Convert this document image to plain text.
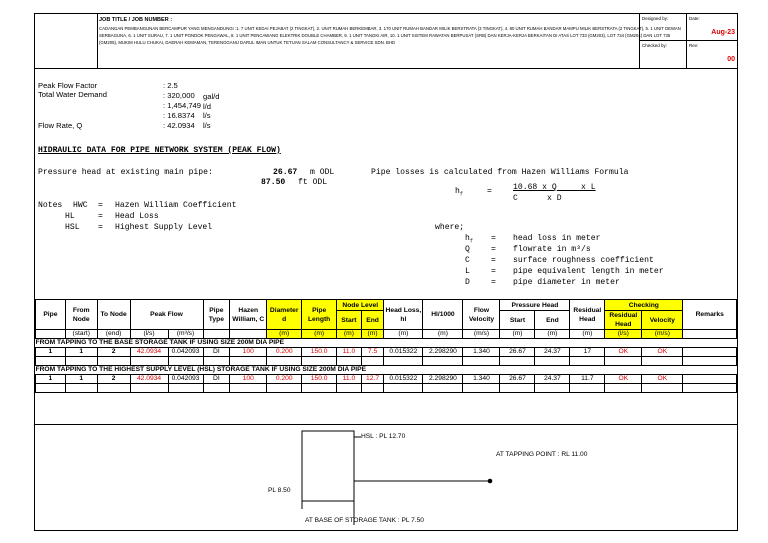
JOB TITLE / JOB NUMBER :
CADANGAN PEMBANGUNAN BERCAMPUR YANG MENGANDUNGI :1. 7 UNIT KEDAI PEJABAT (2 TINGKAT), 2. UNIT RUMAH BERKEMBAR, 3. 170 UNIT RUMAH BANDAR MILIK BERSTRATA (3 TINGKAT), 4. 80 UNIT RUMAH BANDAR MAMPU MILIK BERSTRATA (2 TINGKAT), 5. 1 UNIT DEWAN SERBAGUNA, 6. 1 UNIT SURAU, 7. 1 UNIT PONDOK PENGAWAL, 8. 1 UNIT PENCAWANG ELEKTRIK DOUBLE CHAMBER, 9. 1 UNIT TANGKI AIR, 10. 1 UNIT SISTEM RAWATAN BERPUSAT (SRB) DAN KERJA-KERJA BERKAITAN DI ATAS LOT 733 (GM203), LOT 734 (GM204) DAN LOT 735 (GM205), MUKIM HULU CHUKAI, DAERAH KEMAMAN, TERENGGANU DARUL IMAN UNTUK TETUAN SALAM CONSULTANCY & SERVICE SDN. BHD
Designed by:	Date:
Aug-23
Checked by:	Rev:
00
Peak Flow Factor	: 2.5
Total Water Demand	: 320,000 gal/d
: 1,454,749 l/d
: 16.8374 l/s
Flow Rate, Q	: 42.0934 l/s
HIDRAULIC DATA FOR PIPE NETWORK SYSTEM (PEAK FLOW)
Pressure head at existing main pipe:	26.67 m ODL
87.50 ft ODL
Pipe losses is calculated from Hazen Williams Formula
$h_f$	=	10.68 x Q     x L
C      x D
where;
$h_f$ = head loss in meter
Q	= flowrate in m³/s
C	= surface roughness coefficient
L	= pipe equivalent length in meter
D	= pipe diameter in meter
Notes HWC = Hazen William Coefficient
HL	= Head Loss
HSL = Highest Supply Level
Pipe	From Node	To Node	Peak Flow		Pipe Type	Hazen William, C	Diameter d	Pipe Length	Node Level		Head Loss, hl	Hl/1000	Flow Velocity	Pressure Head		Residual Head	Checking		Remarks
									Start	End				Start	End		Residual Head	Velocity	
	(start)	(end)	(l/s)	(m³/s)			(m)	(m)	(m)	(m)	(m)	(m)	(m/s)	(m)	(m)	(m)	(l/s)	(m/s)	
FROM TAPPING TO THE BASE STORAGE TANK IF USING SIZE 200M DIA PIPE																			
1	1	2	42.0934	0.042093	DI	100	0.200	150.0	11.0	7.5	0.015322	2.298290	1.340	26.67	24.37	17	OK	OK	

FROM TAPPING TO THE HIGHEST SUPPLY LEVEL (HSL) STORAGE TANK IF USING SIZE 200M DIA PIPE																			
1	1	2	42.0934	0.042093	DI	100	0.200	150.0	11.0	12.7	0.015322	2.298290	1.340	26.67	24.37	11.7	OK	OK	

HSL : PL 12.70
AT TAPPING POINT : RL 11.00
PL 8.50
AT BASE OF STORAGE TANK : PL 7.50
